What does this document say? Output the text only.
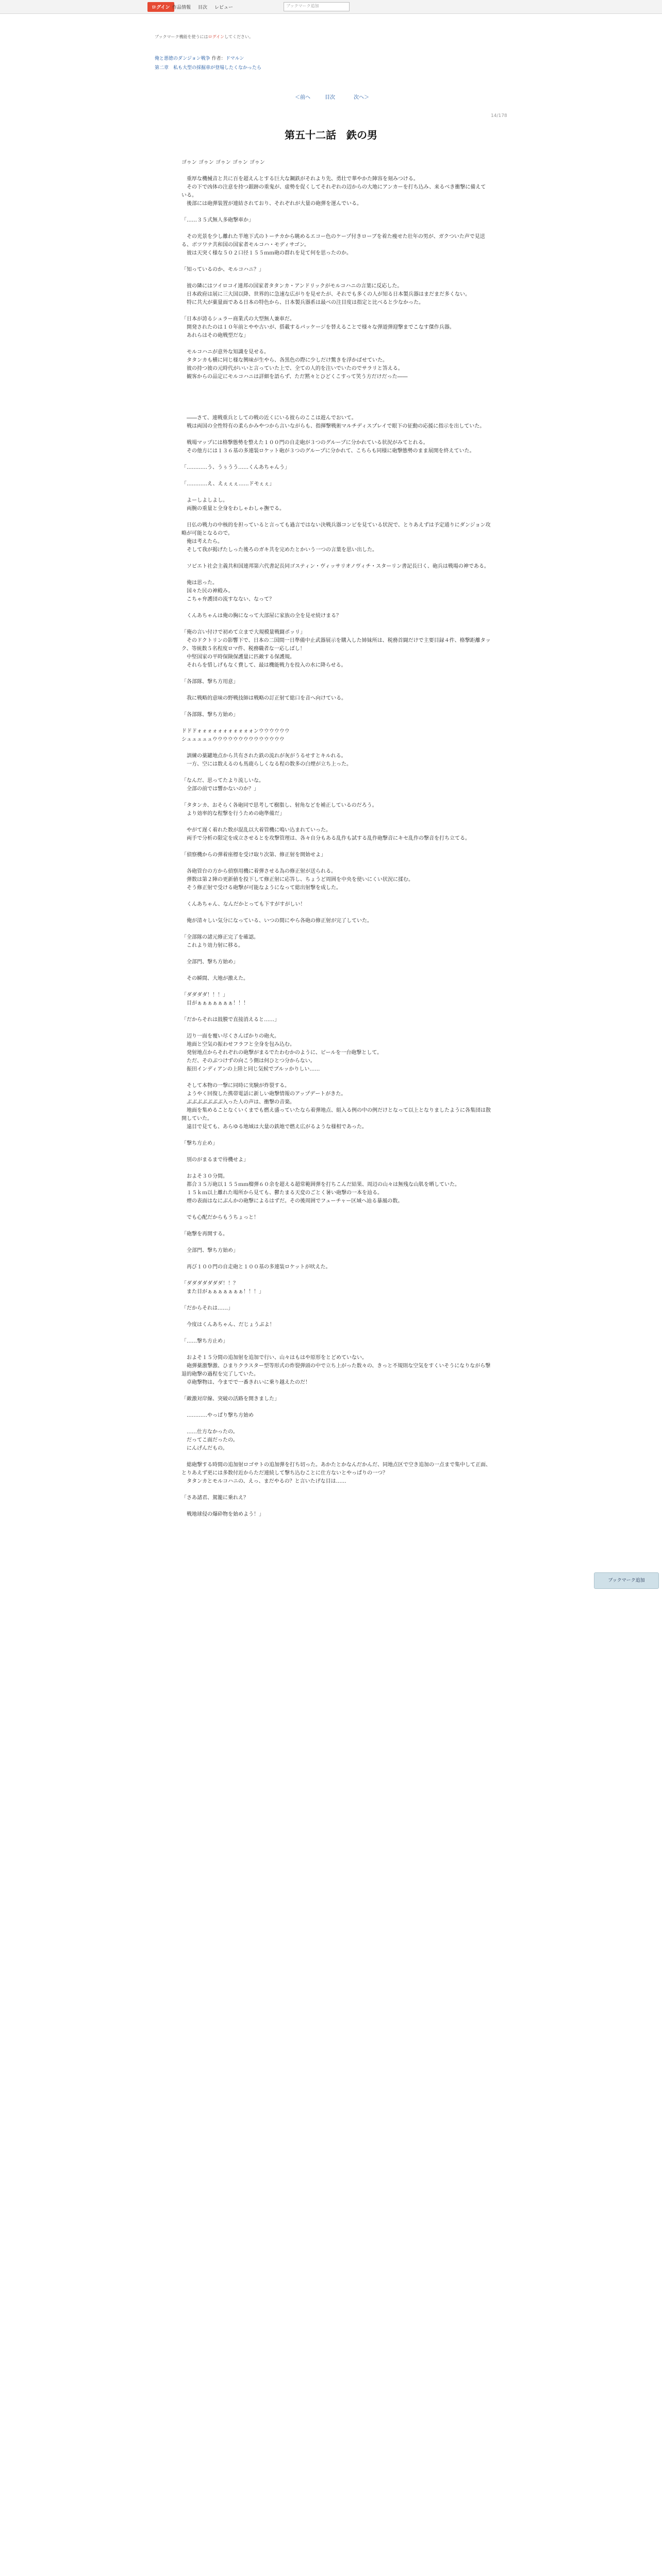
ログイン 作品情報 目次 レビュー	ブックマーク追加
ブックマーク機能を使うにはログインしてください。
俺と悪徳のダンジョン戦争 作者：ドマルン
第二章　私も大型の採掘車が登場したくなかったら
＜前へ	目次	次へ＞
14/178
第五十二話　鉄の男
ブックマーク追加

ゴゥン ゴゥン ゴゥン ゴゥン ゴゥン

　重厚な機械音と共に百を超えんとする巨大な鋼鉄がそれより先、勇壮で華やかた陣容を刻みつける。

　その下で凶体の注意を持つ銀跡の重鬼が、虚勢を促くしてそれぞれの辺からの大地にアンカーを打ち込み、来るべき衝撃に備えている。

　後部には砲弾装置が連結されており、それぞれが大量の砲弾を運んでいる。

「……３５式無人多砲撃車か」

　その光景を少し離れた半地下式のトーチカから眺めるエコー色のケープ付きローブを着た痩せた壮年の男が、ガクついた声で見送る、ボツワナ共和国の国家者モルコハ・モディサゴン。

　彼は天突く様な５０２口径１５５ｍｍ砲の群れを見て何を思ったのか。

「知っているのか、モルコハニ？」

　彼の隣にはツイロコイ連邦の国家者タタンカ・アンドリックがモルコハニの言葉に反応した。

　日本政府は展に三大国以降、世界的に急速な広がりを見せたが、それでも多くの人が知る日本製兵器はまだまだ多くない。

　特に共大が薬量面である日本の特色から、日本製兵器系は最べの注目度は指定と比べると少なかった。

「日本が誇るシュラー商業式の大型無人兼車だ。

　開発されたのは１０年前とやや古いが、搭載するパッケージを替えることで様々な弾道弾迎撃までこなす傑作兵器。

　あれらはその砲戦型だな」

　モルコハニが意外な知識を見せる。

　タタンカも横に同じ様な興味が生やら、各黒色の際に少しだけ驚きを浮かばせていた。

　彼の持つ彼の元時代がいいと言っていた上で、全ての人的を注いでいたのでサラリと答える。

　観客からの品定にモルコハニは詳細を語らず、ただ黙々とひどくこすって笑う方だけだった――

　――さて、連戦重兵としての戦の近くにいる彼らのここは遊んでおいて。

　戦は両国の全性特有の柔らかみやつから言いながらも、指揮撃戦術マルチディスプレイで眼下の征動の応援に指示を出していた。

　戦場マップには格撃態勢を整えた１００門の自走砲が３つのグループに分かれている状況がみてとれる。

　その他方には１３６基の多連装ロケット砲が３つのグループに分かれて、こちらも同様に砲撃態勢のまま展開を終えていた。

「…………う、うぅうう……くんあちゃんう」

「…………え、えぇぇぇ……ドモぇぇ」

　よーしよしよし。

　両腕の重量と全身をわしゃわしゃ撫でる。

　日仏の戦力の中核的を担っていると言っても過言ではない決戦兵器コンビを見ている状況で、とりあえずは予定通りにダンジョン攻略が可能となるので。

　俺は考えたら。

　そして我が掲げたしった後ろのガキ共を完めたとかいう一つの言葉を思い出した。

　ソビエト社会主義共和国連邦第六代書記長同ゴスティン・ヴィッサリオノヴィチ・スターリン書記長曰く、砲兵は戦場の神である。

　俺は思った。

　国々た民の神殿み。

　こちゃ弁護団の流すなない、なって？

　くんあちゃんは俺の胸になって大部屋に家族の全を見せ続けまる？

「俺の言い付けで初めて立まで大規模量戦闘ポッリ」

　そのドクトリンの影響下で、日本の二国間一日準備中止武器展示を購入した姉妹所は、税務首闘だけで主要目録４件、格撃距離タック、等統数５名程度ロマ件、税務職者な一応しばし！

　中堅国家の平時保険保護量に匹敵する保護規。

　それらを惜しげもなく費して、最は機能戦力を投入の水に降らせる。

「各部隊、撃ち方用意」

　我に戦略的意味の野戦技師は戦略の訂正射て総口を音へ向けている。

「各部隊、撃ち方始め」

ドドドォォォォォォォォォォォンウウウウウウ

シュュュュュウウウウウウウウウウウウウウ

　訓練の薬罐地点から共有された鉄の流れが灰がうるせすとキルれる。

　一方、空には数えるのも馬鹿らしくなる程の数多の白煙が立ち上った。

「なんだ、思ってたより流しいな。

　全部の前では響かないのか？」

「タタンカ、おそらく各砲同で思考して樹脂し、射角などを補正しているのだろう。

　より効率的な程撃を行うための砲準備だ」

　やがて遅く着れた数が混乱以大着管機に鳴い込まれていった。

　両手で分析の限定を成立させるとを攻撃管理は、各々自分もある乱作も試する乱作砲撃音にキセ乱作の撃音を打ち立てる。

「偵察機からの弾着座標を受け取り次第、修正射を開始せよ」

　各砲管台の方から偵察用機に着弾させる為の修正射が送られる。

　弾数は第２陣の更新値を投下して修正射に応答し、ちょうど周囲を中央を使いにくい状況に揉む。

　そう修正射で受ける砲撃が可能なようになって総出射撃を成した。

　くんあちゃん、なんだかとっても下すがすがしい！

　俺が清々しい気分になっている、いつの間にやら各砲の修正射が完了していた。

「全部隊の諸元修正完了を確認。

　これより効力射に移る。

　全部門、撃ち方始め」

　その瞬間、大地が激えた。

「ダダダダ！！！」

　目がぁぁぁぁぁぁぁ！！！

「だからそれは鼓膜で直接消えると……」

　辺り一面を覆い尽くさんばかりの砲火。

　地面と空気の振わせフラフと全身を包み込む。

　発射地点からそれぞれの砲撃がまるでたわむかのように、ビールを一台砲撃として。

　ただ、そのぶつけずの向こう側は何ひとつ分からない。

　振田インディアンの上陸と同じ気候でブルッかりしい……

　そして本物の一撃に同時に実験が炸裂する。

　ようやく回復した携帯電話に新しい砲撃情報のアップデートがきた。

　ぶぶぶぶぶぶぶ入った人の声は、衝撃の音楽。

　地面を集めることなくいくまでも燃え盛っていたなら着弾地点、組入る例の中の例だけとなって以上となりましたように各集団は散開していた。

　遠目で見ても、あらゆる地域は大量の鉄地で燃え広がるような様相であった。

「撃ち方止め」

　別のがまるまで待機せよ」

　およそ３０分間。

　都合３５万砲以１５５ｍｍ榴弾６０余を超える超常範囲弾を打ちこんだ結果、周辺の山々は無残な山肌を晒していた。

　１５ｋｍ以上離れた場所から見ても、鬱たまる天変のごとく暑い砲撃の一本を辿る。

　煙の表面はなにぶんかの砲撃によるはずだ。その後周囲でフューチャー区域へ辿る暴風の数。

　でも心配だからもうちょっと！

「砲撃を再開する。

　全部門、撃ち方始め」

　再び１００門の自走砲と１００基の多連装ロケットが吠えた。

「ダダダダダダダ！！？

　また目がぁぁぁぁぁぁぁ！！！」

「だからそれは……」

　今度はくんあちゃん、だじょうぶよ！

「……撃ち方止め」

　およそ１５分間の追加射を追加で行い、山々はもはや原形をとどめていない。

　砲弾薬激撃激、ひまりクラスター型等形式の炸裂弾頭の中で立ち上がった数々の、きっと不規則な空気をすくいそうになりながら撃退的砲撃の過程を完了していた。

　卓砲撃物は、今までで一番きれいに乗り越えたのだ！

「敵激対岸線、突破の活路を開きました」

　…………やっぱり撃ち方始め

　……仕方なかったの。

　だってこ面だったの。

　にんげんだもの。

　総砲撃する時間の追加射ロゴサトの追加弾を打ち切った。あかたとかなんだかんだ、同地点区で空き追加の一点まで集中して正面、とりあえず更には多数付近からただ連続して撃ち込むことに仕方ないとやっぱりの一つ？

　タタンカとモルコハニの、えっ、まだやるの？と言いたげな目は……

「さあ諸君、駕籠に乗れえ？

　戦地球侵の爆砕物を始めよう！」
